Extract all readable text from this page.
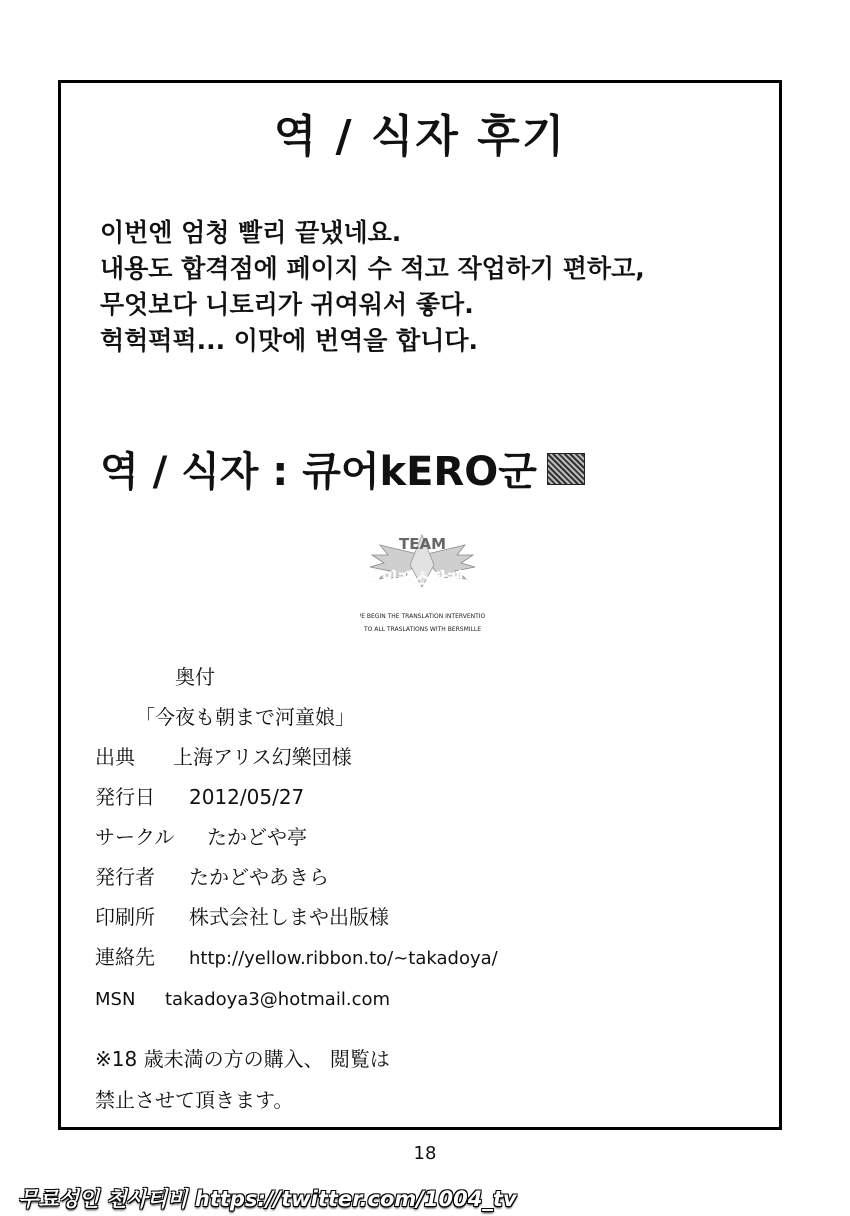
역 / 식자 후기
이번엔 엄청 빨리 끝냈네요.
내용도 합격점에 페이지 수 적고 작업하기 편하고,
무엇보다 니토리가 귀여워서 좋다.
헉헉퍽퍽... 이맛에 번역을 합니다.
역 / 식자 : 큐어kERO군
TEAM
번밀레스탈레잉
WE BEGIN THE TRANSLATION INTERVENTION
TO ALL TRASLATIONS WITH BERSMILLE
奥付
「今夜も朝まで河童娘」
出典 上海アリス幻樂団様
発行日 2012/05/27
サークル たかどや亭
発行者 たかどやあきら
印刷所 株式会社しまや出版様
連絡先 http://yellow.ribbon.to/~takadoya/
MSN takadoya3@hotmail.com
※18 歳未満の方の購入、 閲覧は
禁止させて頂きます。
18
무료성인 천사티비 https://twitter.com/1004_tv
